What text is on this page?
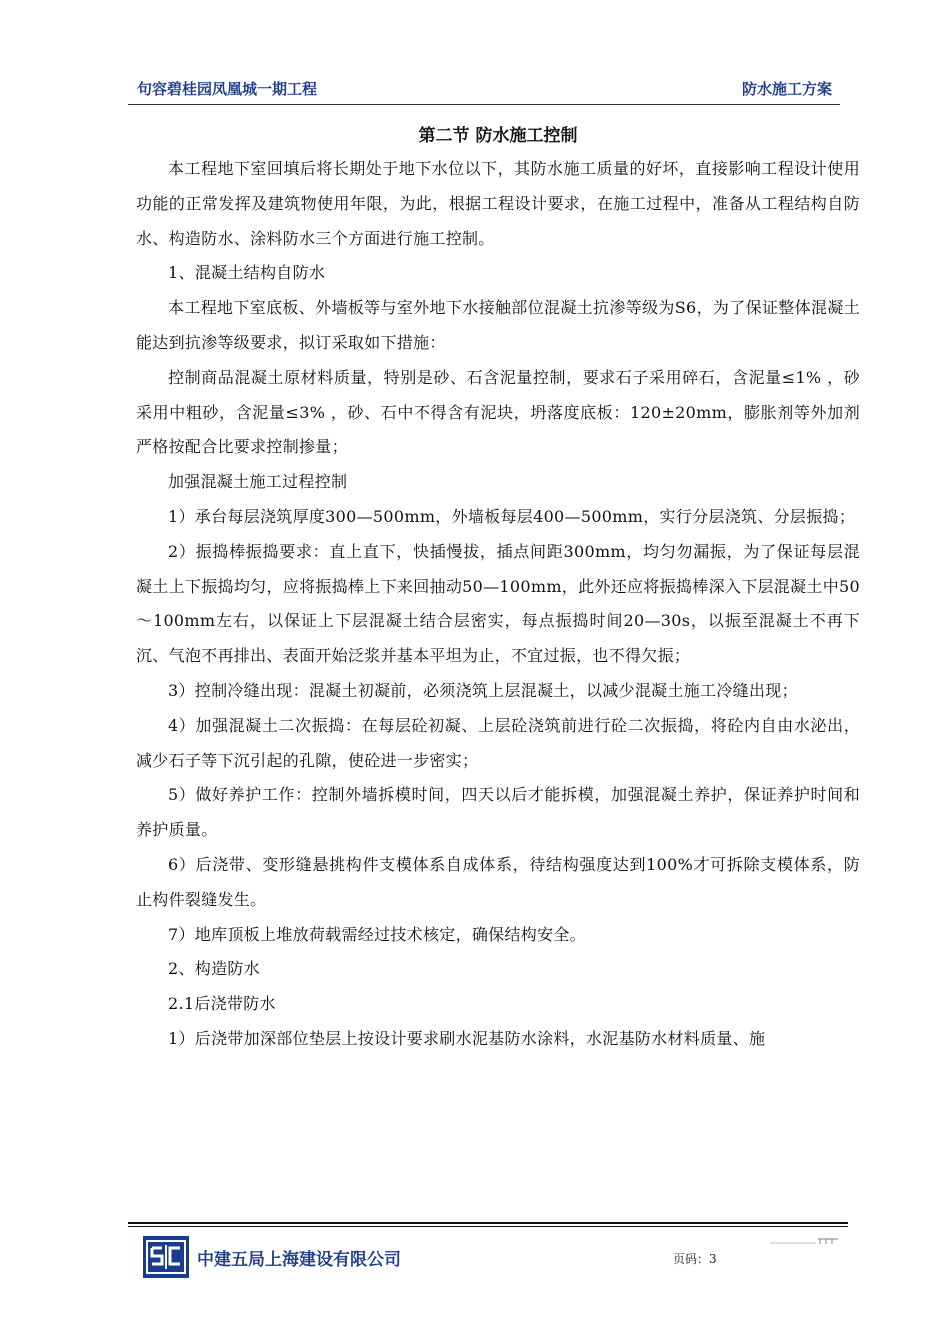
句容碧桂园凤凰城一期工程	防水施工方案
第二节 防水施工控制

本工程地下室回填后将长期处于地下水位以下，其防水施工质量的好坏，直接影响工程设计使用功能的正常发挥及建筑物使用年限，为此，根据工程设计要求，在施工过程中，准备从工程结构自防水、构造防水、涂料防水三个方面进行施工控制。

1、混凝土结构自防水

本工程地下室底板、外墙板等与室外地下水接触部位混凝土抗渗等级为S6，为了保证整体混凝土能达到抗渗等级要求，拟订采取如下措施：

控制商品混凝土原材料质量，特别是砂、石含泥量控制，要求石子采用碎石，含泥量≤1% ，砂采用中粗砂，含泥量≤3% ，砂、石中不得含有泥块，坍落度底板：120±20mm，膨胀剂等外加剂严格按配合比要求控制掺量；

加强混凝土施工过程控制

1）承台每层浇筑厚度300—500mm，外墙板每层400—500mm，实行分层浇筑、分层振捣；

2）振捣棒振捣要求：直上直下，快插慢拔，插点间距300mm，均匀勿漏振，为了保证每层混凝土上下振捣均匀，应将振捣棒上下来回抽动50—100mm，此外还应将振捣棒深入下层混凝土中50～100mm左右，以保证上下层混凝土结合层密实，每点振捣时间20—30s，以振至混凝土不再下沉、气泡不再排出、表面开始泛浆并基本平坦为止，不宜过振，也不得欠振；

3）控制冷缝出现：混凝土初凝前，必须浇筑上层混凝土，以减少混凝土施工冷缝出现；

4）加强混凝土二次振捣：在每层砼初凝、上层砼浇筑前进行砼二次振捣，将砼内自由水泌出，减少石子等下沉引起的孔隙，使砼进一步密实；

5）做好养护工作：控制外墙拆模时间，四天以后才能拆模，加强混凝土养护，保证养护时间和养护质量。

6）后浇带、变形缝悬挑构件支模体系自成体系，待结构强度达到100%才可拆除支模体系，防止构件裂缝发生。

7）地库顶板上堆放荷载需经过技术核定，确保结构安全。

2、构造防水

2.1后浇带防水

1）后浇带加深部位垫层上按设计要求刷水泥基防水涂料，水泥基防水材料质量、施

中建五局上海建设有限公司	页码：3
